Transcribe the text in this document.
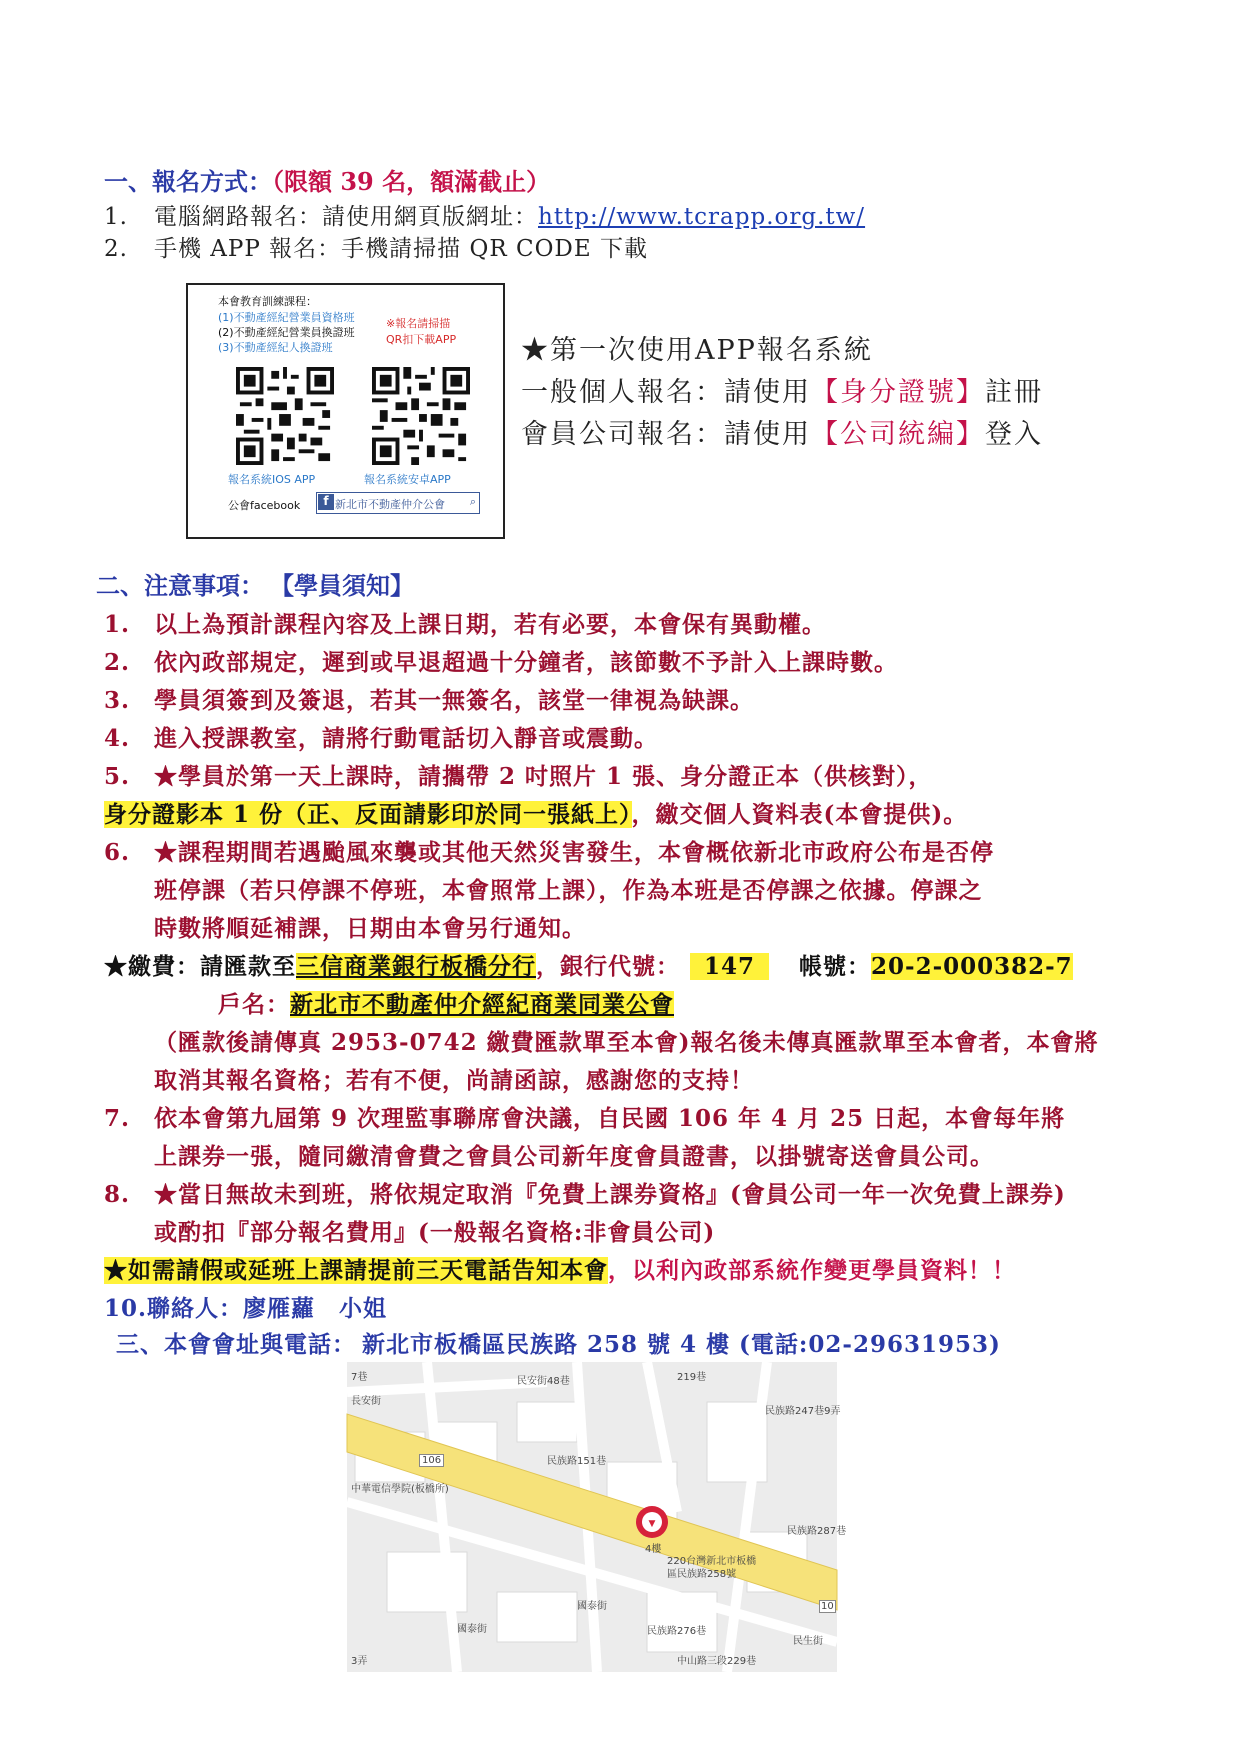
一、報名方式：（限額 39 名，額滿截止）
1. 電腦網路報名：請使用網頁版網址：http://www.tcrapp.org.tw/
2. 手機 APP 報名：手機請掃描 QR CODE 下載
本會教育訓練課程：
(1)不動產經紀營業員資格班
(2)不動產經紀營業員換證班
(3)不動產經紀人換證班
※報名請掃描
QR扣下載APP
報名系統IOS APP	報名系統安卓APP
公會facebook	f 新北市不動產仲介公會 ⌕
★第一次使用APP報名系統
一般個人報名：請使用【身分證號】註冊
會員公司報名：請使用【公司統編】登入
二、注意事項： 【學員須知】
1. 以上為預計課程內容及上課日期，若有必要，本會保有異動權。
2. 依內政部規定，遲到或早退超過十分鐘者，該節數不予計入上課時數。
3. 學員須簽到及簽退，若其一無簽名，該堂一律視為缺課。
4. 進入授課教室，請將行動電話切入靜音或震動。
5. ★學員於第一天上課時，請攜帶 2 吋照片 1 張、身分證正本（供核對），
身分證影本 1 份（正、反面請影印於同一張紙上），繳交個人資料表(本會提供)。
6. ★課程期間若遇颱風來襲或其他天然災害發生，本會概依新北市政府公布是否停
班停課（若只停課不停班，本會照常上課），作為本班是否停課之依據。停課之
時數將順延補課，日期由本會另行通知。
★繳費：請匯款至三信商業銀行板橋分行，銀行代號： 147 帳號：20-2-000382-7
戶名：新北市不動產仲介經紀商業同業公會
（匯款後請傳真 2953-0742 繳費匯款單至本會)報名後未傳真匯款單至本會者，本會將
取消其報名資格；若有不便，尚請函諒，感謝您的支持！
7. 依本會第九屆第 9 次理監事聯席會決議，自民國 106 年 4 月 25 日起，本會每年將
上課券一張，隨同繳清會費之會員公司新年度會員證書，以掛號寄送會員公司。
8. ★當日無故未到班，將依規定取消『免費上課券資格』(會員公司一年一次免費上課券)
或酌扣『部分報名費用』(一般報名資格:非會員公司)
★如需請假或延班上課請提前三天電話告知本會，以利內政部系統作變更學員資料！！
10.聯絡人：廖雁蘿　小姐
三、本會會址與電話： 新北市板橋區民族路 258 號 4 樓 (電話:02-29631953)
▼
長安街
民安街48巷	219巷
民族路247巷9弄
民族路151巷
中華電信學院(板橋所)
106
民族路287巷
4樓
220台灣新北市板橋
區民族路258號
國泰街
國泰街	民族路276巷
中山路三段229巷
民生街
7巷
3弄
10
